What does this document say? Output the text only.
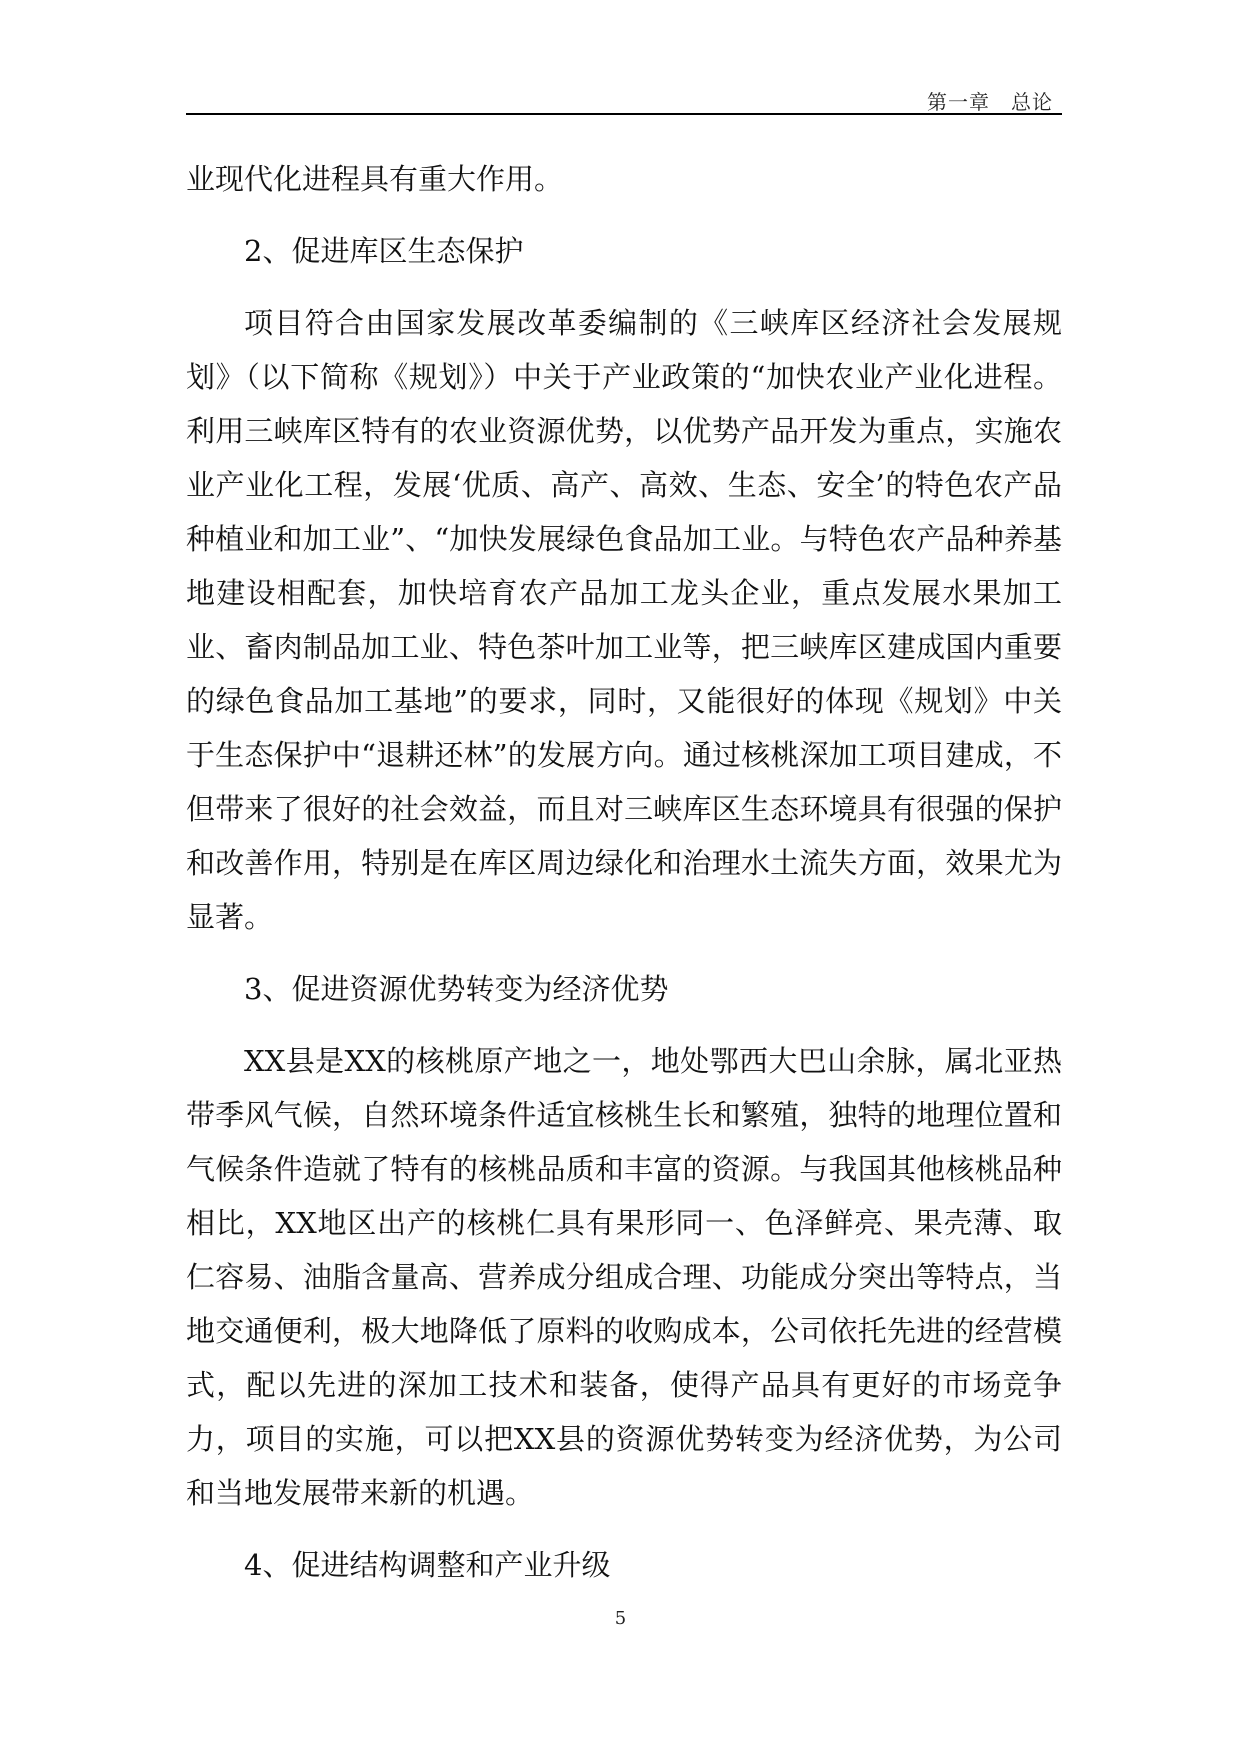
第一章　总论

业现代化进程具有重大作用。

2、促进库区生态保护

项目符合由国家发展改革委编制的《三峡库区经济社会发展规划》（以下简称《规划》）中关于产业政策的“加快农业产业化进程。利用三峡库区特有的农业资源优势，以优势产品开发为重点，实施农业产业化工程，发展‘优质、高产、高效、生态、安全’的特色农产品种植业和加工业”、“加快发展绿色食品加工业。与特色农产品种养基地建设相配套，加快培育农产品加工龙头企业，重点发展水果加工业、畜肉制品加工业、特色茶叶加工业等，把三峡库区建成国内重要的绿色食品加工基地”的要求，同时，又能很好的体现《规划》中关于生态保护中“退耕还林”的发展方向。通过核桃深加工项目建成，不但带来了很好的社会效益，而且对三峡库区生态环境具有很强的保护和改善作用，特别是在库区周边绿化和治理水土流失方面，效果尤为显著。

3、促进资源优势转变为经济优势

XX县是XX的核桃原产地之一，地处鄂西大巴山余脉，属北亚热带季风气候，自然环境条件适宜核桃生长和繁殖，独特的地理位置和气候条件造就了特有的核桃品质和丰富的资源。与我国其他核桃品种相比，XX地区出产的核桃仁具有果形同一、色泽鲜亮、果壳薄、取仁容易、油脂含量高、营养成分组成合理、功能成分突出等特点，当地交通便利，极大地降低了原料的收购成本，公司依托先进的经营模式，配以先进的深加工技术和装备，使得产品具有更好的市场竞争力，项目的实施，可以把XX县的资源优势转变为经济优势，为公司和当地发展带来新的机遇。

4、促进结构调整和产业升级

5
